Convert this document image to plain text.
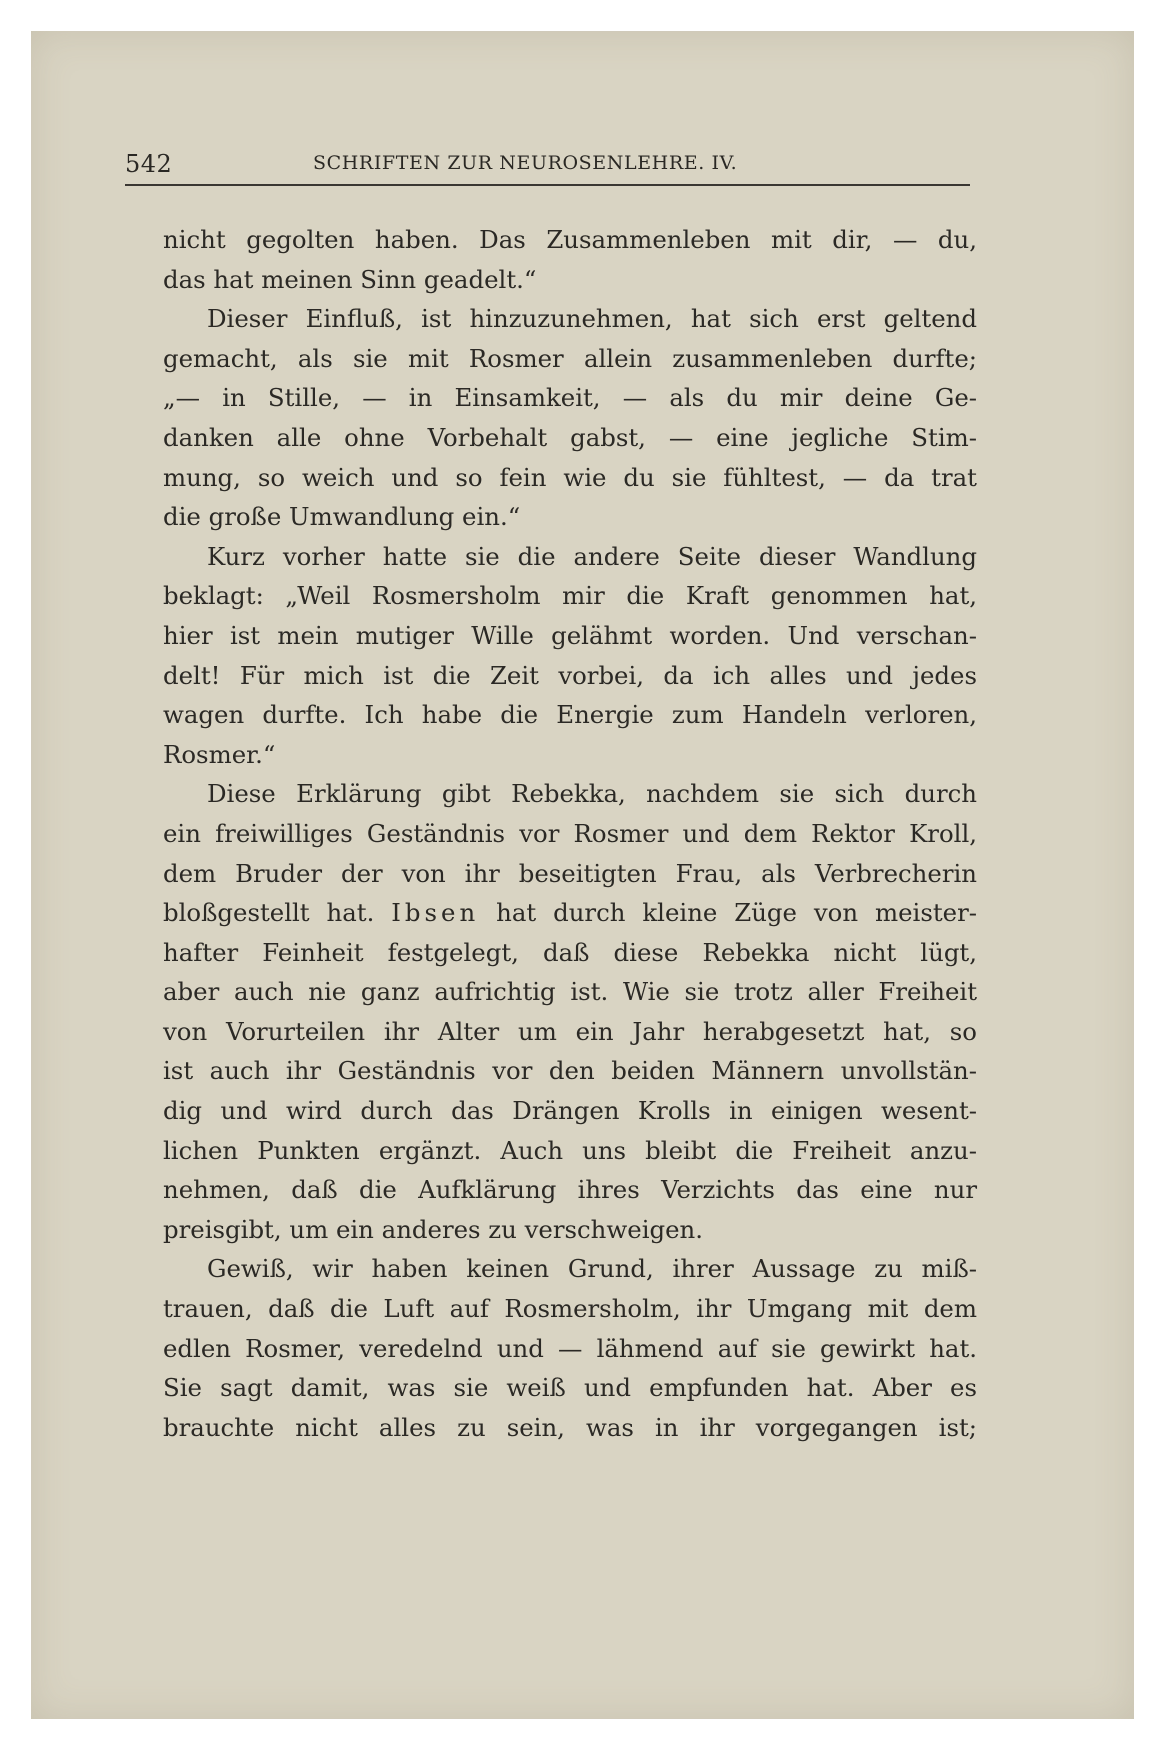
542	SCHRIFTEN ZUR NEUROSENLEHRE. IV.
nicht gegolten haben. Das Zusammenleben mit dir, — du,
das hat meinen Sinn geadelt.“
Dieser Einfluß, ist hinzuzunehmen, hat sich erst geltend
gemacht, als sie mit Rosmer allein zusammenleben durfte;
„— in Stille, — in Einsamkeit, — als du mir deine Ge-
danken alle ohne Vorbehalt gabst, — eine jegliche Stim-
mung, so weich und so fein wie du sie fühltest, — da trat
die große Umwandlung ein.“
Kurz vorher hatte sie die andere Seite dieser Wandlung
beklagt: „Weil Rosmersholm mir die Kraft genommen hat,
hier ist mein mutiger Wille gelähmt worden. Und verschan-
delt! Für mich ist die Zeit vorbei, da ich alles und jedes
wagen durfte. Ich habe die Energie zum Handeln verloren,
Rosmer.“
Diese Erklärung gibt Rebekka, nachdem sie sich durch
ein freiwilliges Geständnis vor Rosmer und dem Rektor Kroll,
dem Bruder der von ihr beseitigten Frau, als Verbrecherin
bloßgestellt hat. Ibsen hat durch kleine Züge von meister-
hafter Feinheit festgelegt, daß diese Rebekka nicht lügt,
aber auch nie ganz aufrichtig ist. Wie sie trotz aller Freiheit
von Vorurteilen ihr Alter um ein Jahr herabgesetzt hat, so
ist auch ihr Geständnis vor den beiden Männern unvollstän-
dig und wird durch das Drängen Krolls in einigen wesent-
lichen Punkten ergänzt. Auch uns bleibt die Freiheit anzu-
nehmen, daß die Aufklärung ihres Verzichts das eine nur
preisgibt, um ein anderes zu verschweigen.
Gewiß, wir haben keinen Grund, ihrer Aussage zu miß-
trauen, daß die Luft auf Rosmersholm, ihr Umgang mit dem
edlen Rosmer, veredelnd und — lähmend auf sie gewirkt hat.
Sie sagt damit, was sie weiß und empfunden hat. Aber es
brauchte nicht alles zu sein, was in ihr vorgegangen ist;
